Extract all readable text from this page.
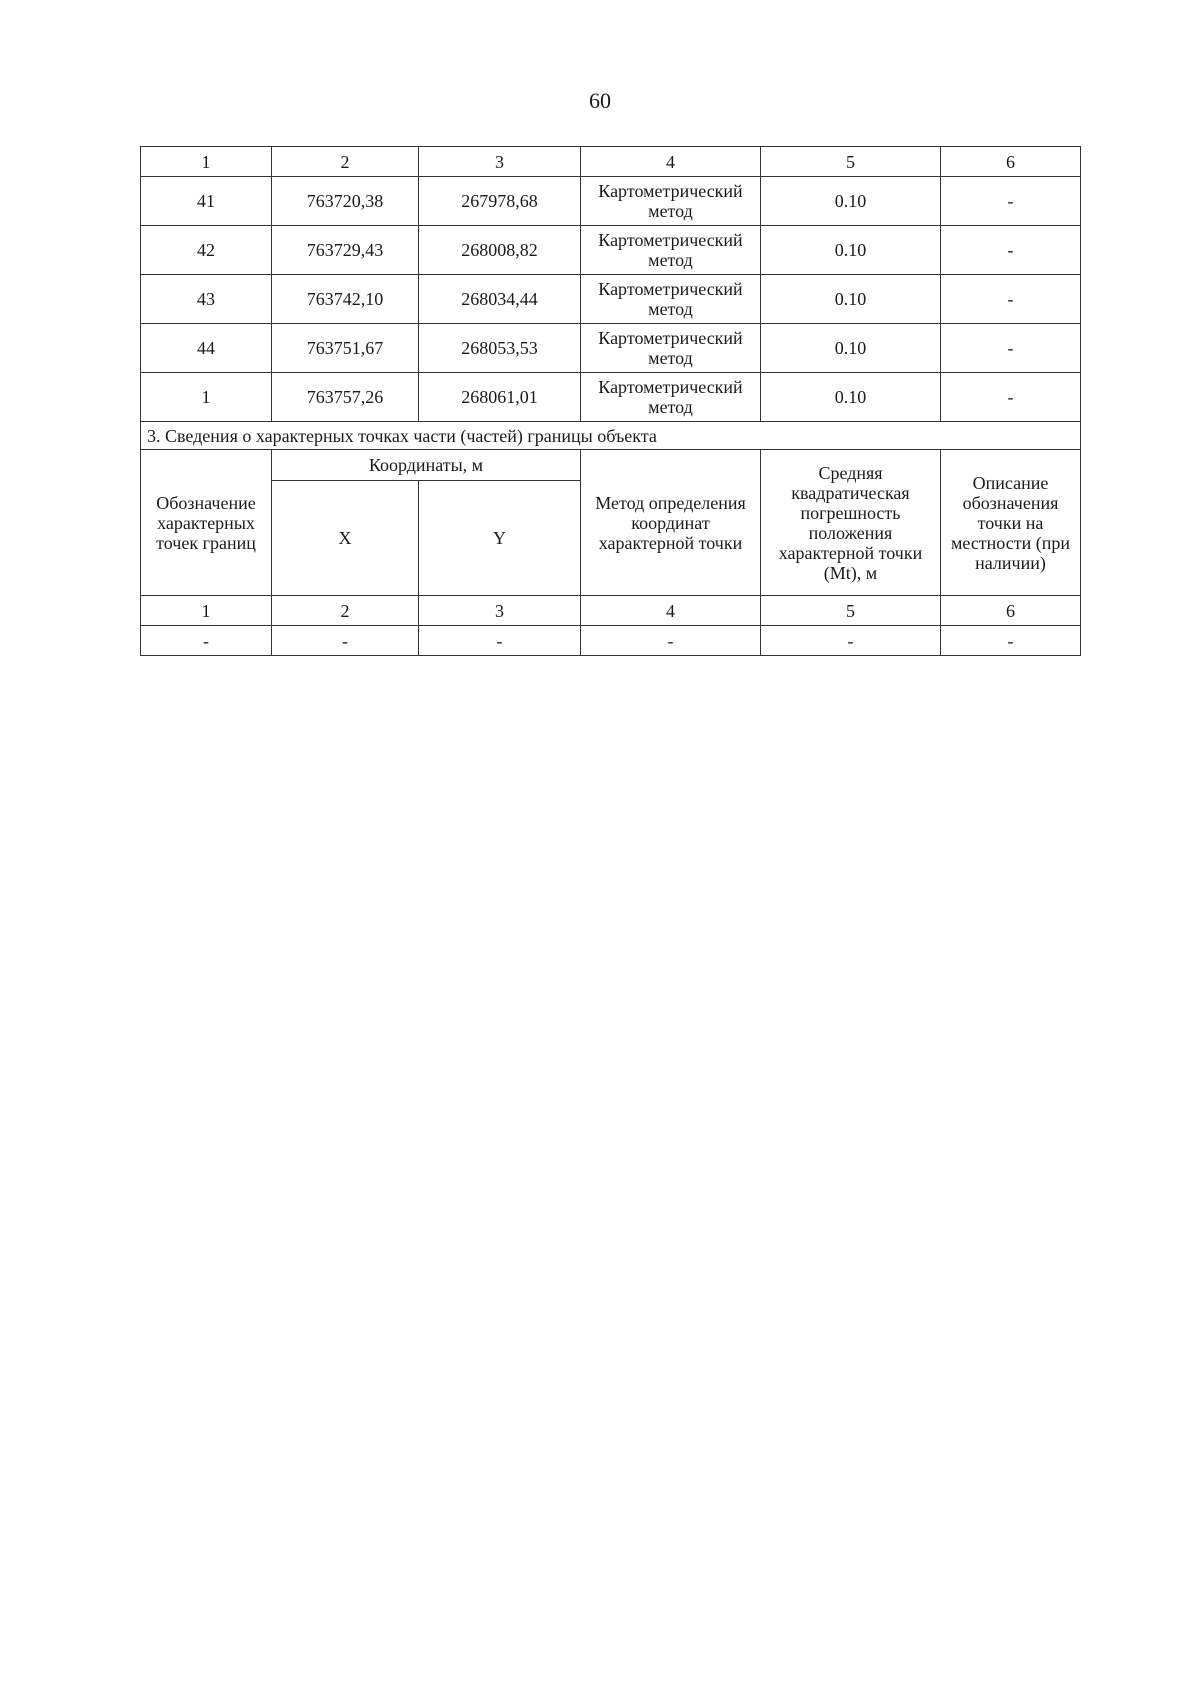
60
1	2	3	4	5	6
41	763720,38	267978,68	Картометрический метод	0.10	-
42	763729,43	268008,82	Картометрический метод	0.10	-
43	763742,10	268034,44	Картометрический метод	0.10	-
44	763751,67	268053,53	Картометрический метод	0.10	-
1	763757,26	268061,01	Картометрический метод	0.10	-
3. Сведения о характерных точках части (частей) границы объекта					
Обозначение характерных точек границ	Координаты, м		Метод определения координат характерной точки	Средняя квадратическая погрешность положения характерной точки (Mt), м	Описание обозначения точки на местности (при наличии)
	X	Y			
1	2	3	4	5	6
-	-	-	-	-	-
